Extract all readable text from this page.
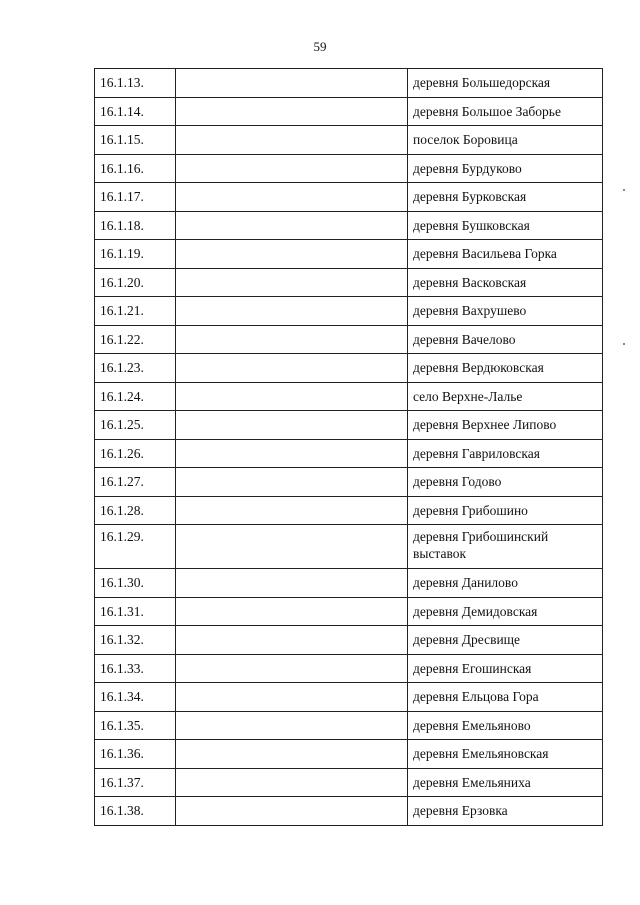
59
16.1.13.		деревня Большедорская
16.1.14.		деревня Большое Заборье
16.1.15.		поселок Боровица
16.1.16.		деревня Бурдуково
16.1.17.		деревня Бурковская
16.1.18.		деревня Бушковская
16.1.19.		деревня Васильева Горка
16.1.20.		деревня Васковская
16.1.21.		деревня Вахрушево
16.1.22.		деревня Вачелово
16.1.23.		деревня Вердюковская
16.1.24.		село Верхне-Лалье
16.1.25.		деревня Верхнее Липово
16.1.26.		деревня Гавриловская
16.1.27.		деревня Годово
16.1.28.		деревня Грибошино
16.1.29.		деревня Грибошинский выставок
16.1.30.		деревня Данилово
16.1.31.		деревня Демидовская
16.1.32.		деревня Дресвище
16.1.33.		деревня Егошинская
16.1.34.		деревня Ельцова Гора
16.1.35.		деревня Емельяново
16.1.36.		деревня Емельяновская
16.1.37.		деревня Емельяниха
16.1.38.		деревня Ерзовка
